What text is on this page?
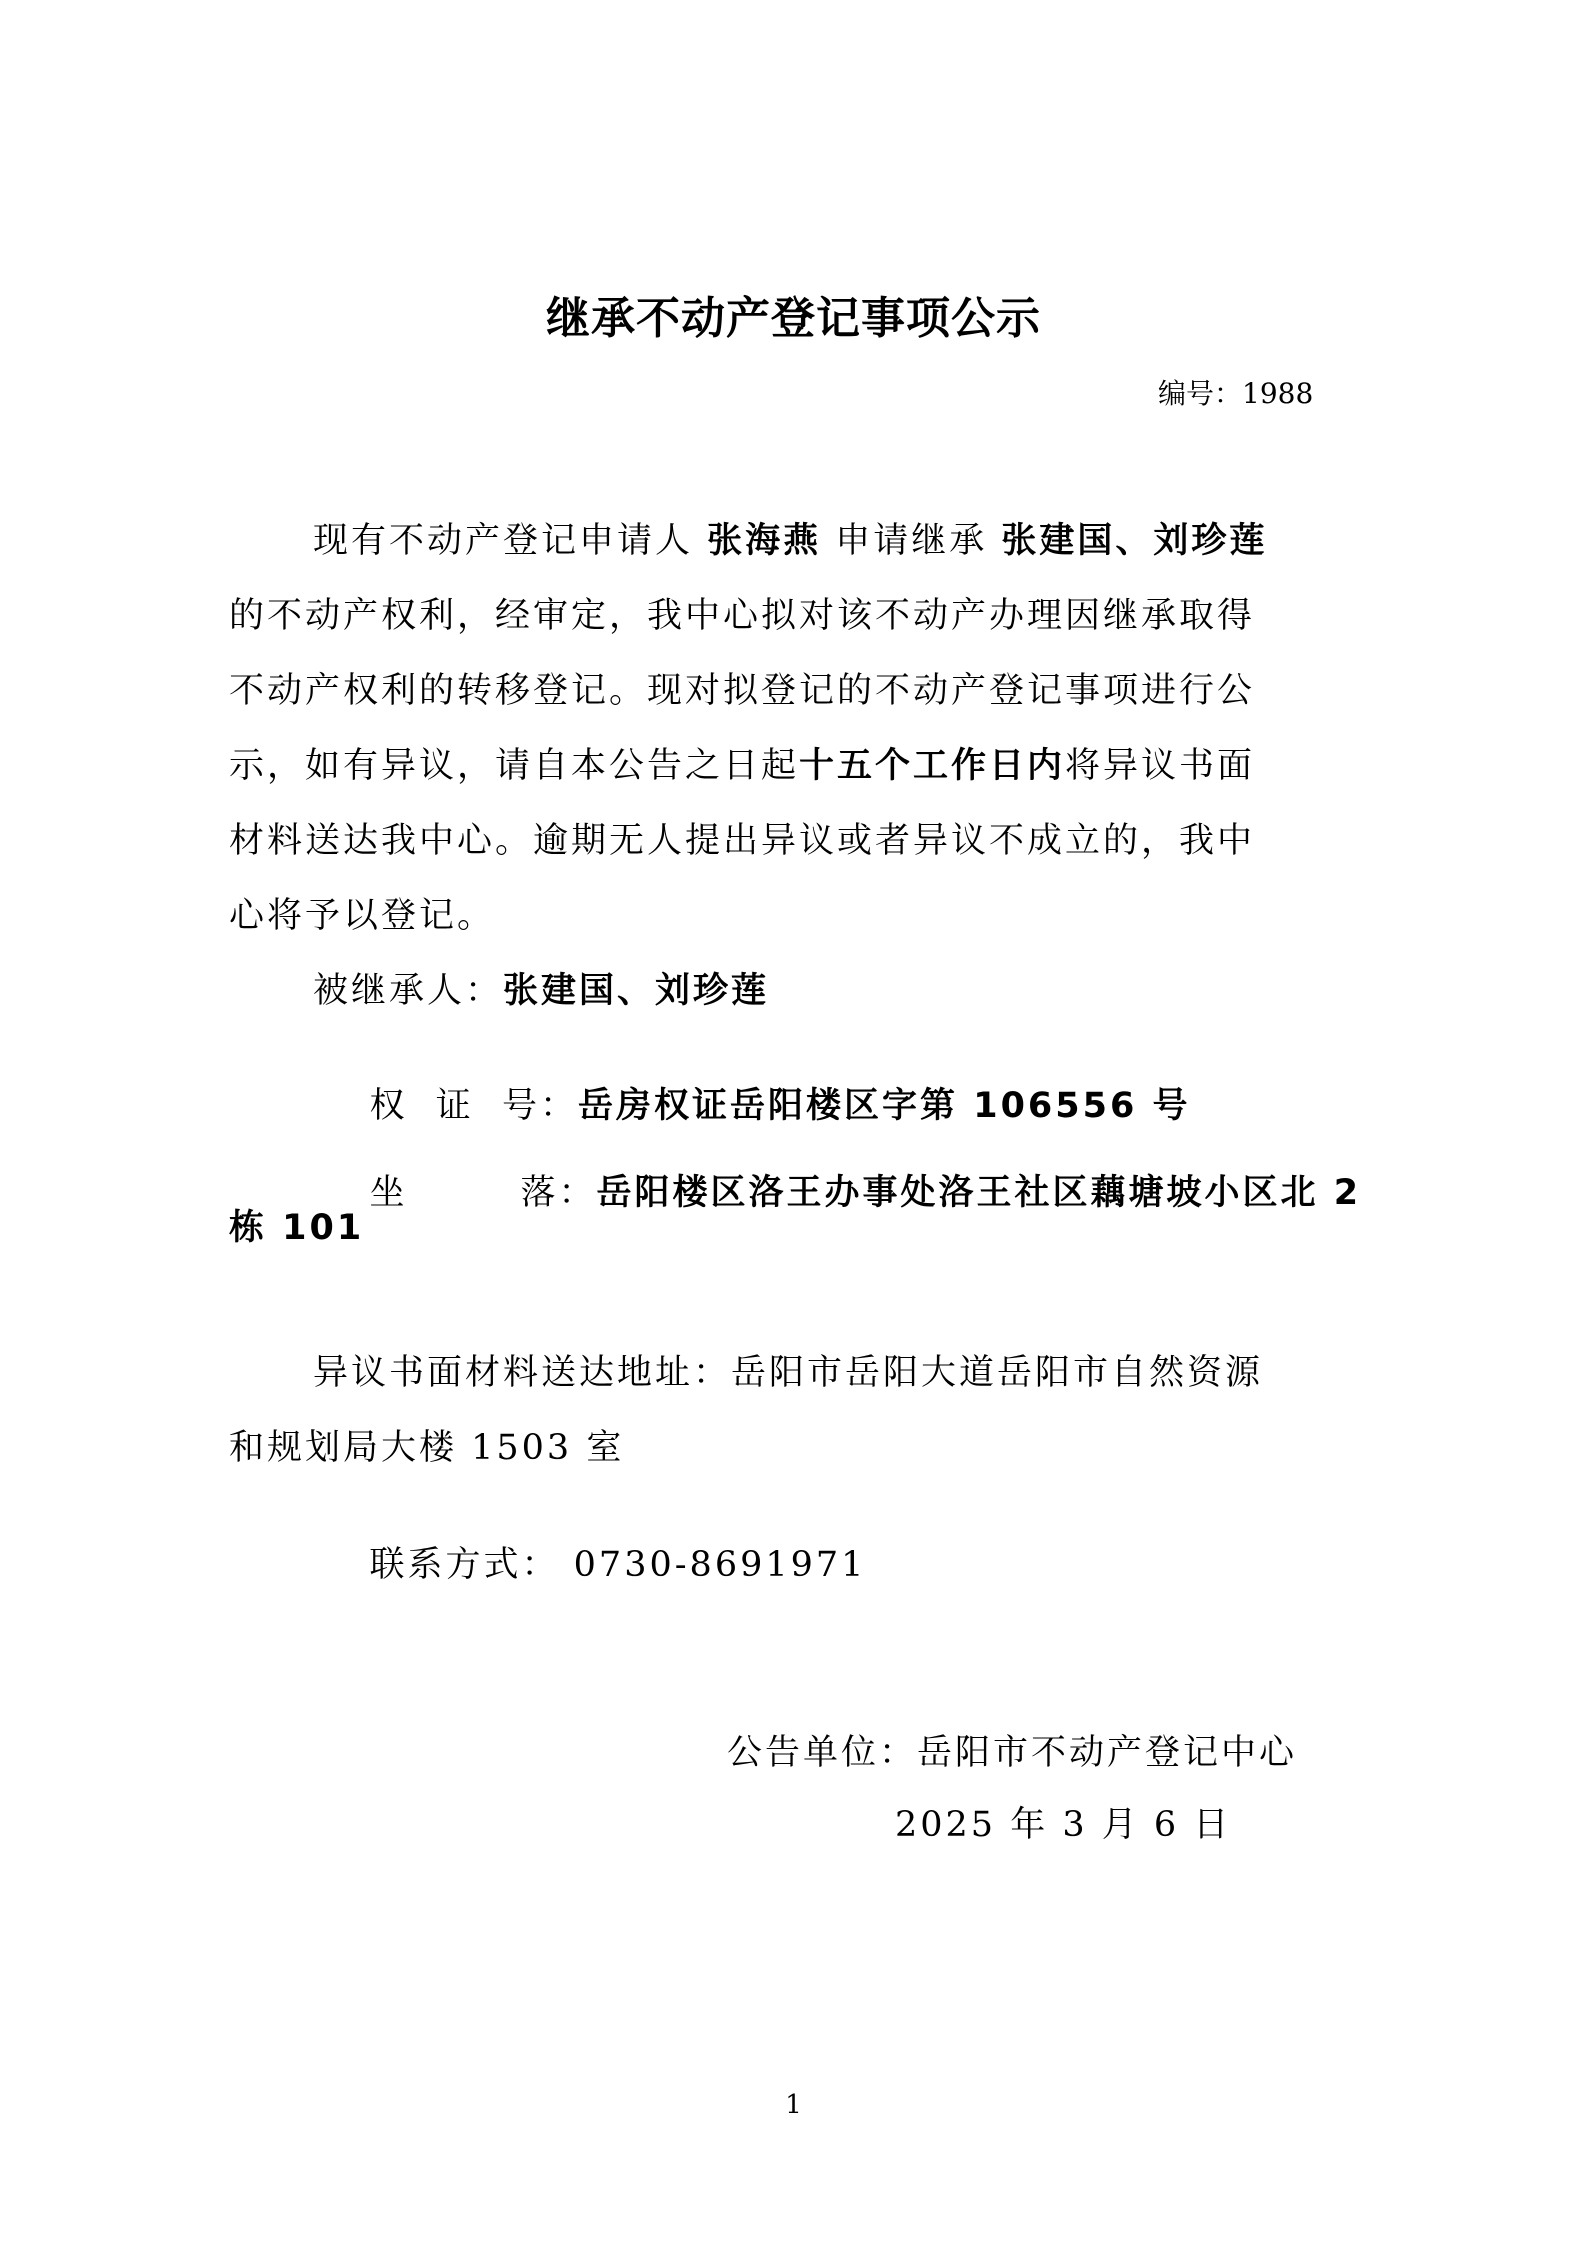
继承不动产登记事项公示
编号：1988
现有不动产登记申请人 张海燕 申请继承 张建国、刘珍莲
的不动产权利，经审定，我中心拟对该不动产办理因继承取得
不动产权利的转移登记。现对拟登记的不动产登记事项进行公
示，如有异议，请自本公告之日起十五个工作日内将异议书面
材料送达我中心。逾期无人提出异议或者异议不成立的，我中
心将予以登记。
被继承人：张建国、刘珍莲

权  证  号：岳房权证岳阳楼区字第 106556 号

坐        落：岳阳楼区洛王办事处洛王社区藕塘坡小区北 2

栋 101
异议书面材料送达地址：岳阳市岳阳大道岳阳市自然资源
和规划局大楼 1503 室

联系方式： 0730-8691971

公告单位：岳阳市不动产登记中心
2025 年 3 月 6 日
1
